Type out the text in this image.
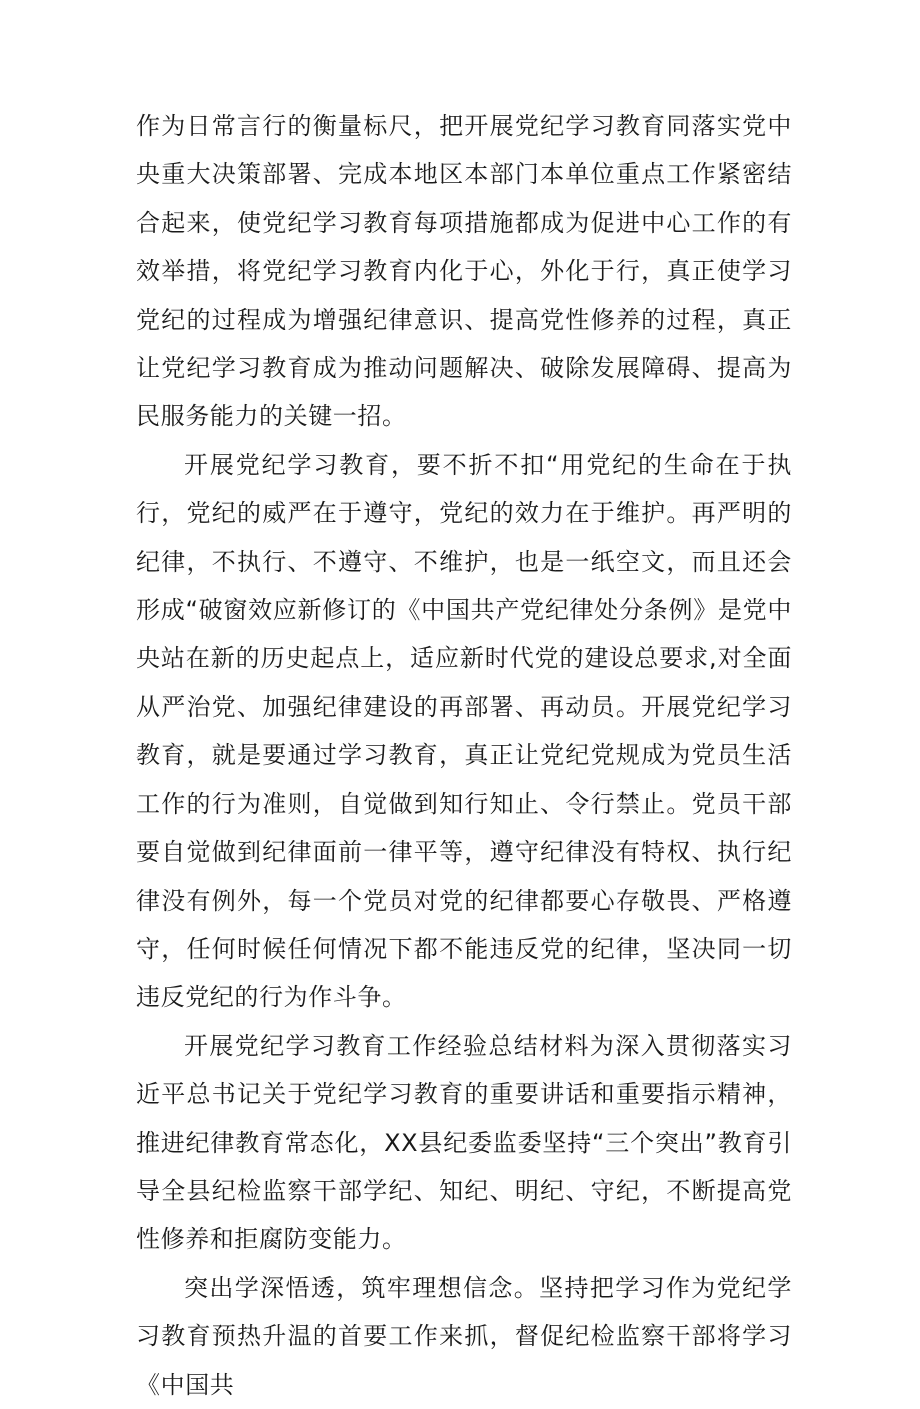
作为日常言行的衡量标尺，把开展党纪学习教育同落实党中央重大决策部署、完成本地区本部门本单位重点工作紧密结合起来，使党纪学习教育每项措施都成为促进中心工作的有效举措，将党纪学习教育内化于心，外化于行，真正使学习党纪的过程成为增强纪律意识、提高党性修养的过程，真正让党纪学习教育成为推动问题解决、破除发展障碍、提高为民服务能力的关键一招。

开展党纪学习教育，要不折不扣“用党纪的生命在于执行，党纪的威严在于遵守，党纪的效力在于维护。再严明的纪律，不执行、不遵守、不维护，也是一纸空文，而且还会形成“破窗效应新修订的《中国共产党纪律处分条例》是党中央站在新的历史起点上，适应新时代党的建设总要求,对全面从严治党、加强纪律建设的再部署、再动员。开展党纪学习教育，就是要通过学习教育，真正让党纪党规成为党员生活工作的行为准则，自觉做到知行知止、令行禁止。党员干部要自觉做到纪律面前一律平等，遵守纪律没有特权、执行纪律没有例外，每一个党员对党的纪律都要心存敬畏、严格遵守，任何时候任何情况下都不能违反党的纪律，坚决同一切违反党纪的行为作斗争。

开展党纪学习教育工作经验总结材料为深入贯彻落实习近平总书记关于党纪学习教育的重要讲话和重要指示精神，推进纪律教育常态化，XX县纪委监委坚持“三个突出”教育引导全县纪检监察干部学纪、知纪、明纪、守纪，不断提高党性修养和拒腐防变能力。

突出学深悟透，筑牢理想信念。坚持把学习作为党纪学习教育预热升温的首要工作来抓，督促纪检监察干部将学习《中国共
